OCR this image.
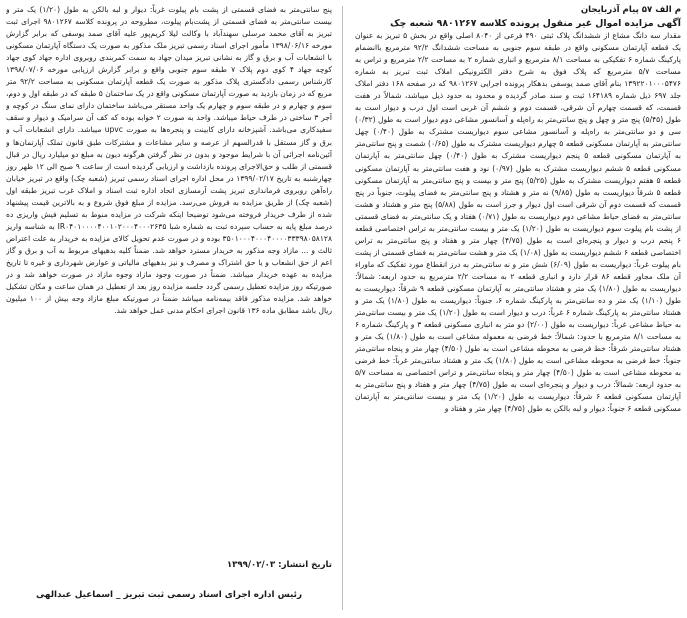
م الف ۵۷ پیام آذربایجان

آگهی مزایده اموال غیر منقول پرونده کلاسه ۹۸۰۱۲۶۷ شعبه چک

مقدار سه دانگ مشاع از ششدانگ پلاک ثبتی ۴۹۰ فرعی از ۸۰۴۰ اصلی واقع در بخش ۵ تبریز به عنوان یک قطعه آپارتمان مسکونی واقع در طبقه سوم جنوبی به مساحت ششدانگ ۹۲/۲ مترمربع باانضمام پارکینگ شماره ۶ تفکیکی به مساحت ۸/۱ مترمربع و انباری شماره ۲ به مساحت ۲/۲ مترمربع و تراس به مساحت ۵/۷ مترمربع که پلاک فوق به شرح دفتر الکترونیکی املاک ثبت تبریز به شماره ۱۳۹۲۲۰۱۰۰۰۵۴۷۶ بنام آقای صمد یوسفی بدهکار پرونده اجرایی ۹۸۰۱۲۶۷ که در صفحه ۱۶۸ دفتر املاک جلد ۶۹۷ ذیل شماره ۱۶۴۱۸۹ ثبت و سند صادر گردیده و محدود به حدود ذیل میباشد، شمالاً در هفت قسمت، که قسمت چهارم آن شرقی، قسمت دوم و ششم آن غربی است اول درب و دیوار است به طول (۵/۴۵) پنج متر و چهل و پنج سانتی‌متر به راه‌پله و آسانسور مشاعی دوم دیوار است به طول (۰/۳۲) سی و دو سانتی‌متر به راه‌پله و آسانسور مشاعی سوم دیواریست مشترک به طول (۰/۴۰) چهل سانتی‌متر به آپارتمان مسکونی قطعه ۵ چهارم دیواریست مشترک به طول (۰/۶۵) شصت و پنج سانتی‌متر به آپارتمان مسکونی قطعه ۵ پنجم دیواریست مشترک به طول (۰/۴۰) چهل سانتی‌متر به آپارتمان مسکونی قطعه ۵ ششم دیواریست مشترک به طول (۰/۹۷) نود و هفت سانتی‌متر به آپارتمان مسکونی قطعه ۵ هفتم دیواریست مشترک به طول (۵/۲۵) پنج متر و بیست و پنج سانتی‌متر به آپارتمان مسکونی قطعه ۵ شرقاً دیواریست به طول (۹/۸۵) نه متر و هشتاد و پنج سانتی‌متر به فضای پیلوت، جنوباً در پنج قسمت که قسمت دوم آن شرقی است اول دیوار و جرز است به طول (۵/۸۸) پنج متر و هشتاد و هشت سانتی‌متر به فضای حیاط مشاعی دوم دیواریست به طول (۰/۷۱) هفتاد و یک سانتی‌متر به فضای قسمتی از پشت بام پیلوت سوم دیواریست به طول (۱/۲۰) یک متر و بیست سانتی‌متر به تراس اختصاصی قطعه ۶ پنجم درب و دیوار و پنجره‌ای است به طول (۴/۷۵) چهار متر و هفتاد و پنج سانتی‌متر به تراس اختصاصی قطعه ۶ ششم دیواریست به طول (۱/۰۸) یک متر و هشت سانتی‌متر به فضای قسمتی از پشت بام پیلوت غرباً: دیواریست به طول (۶/۰۹) شش متر و نه سانتی‌متر به درز انقطاع مورد تفکیک که ماوراء آن ملک مجاور قطعه ۸۶ قرار دارد و انباری قطعه ۲ به مساحت ۲/۲ مترمربع به حدود اربعه: شمالاً: دیواریست به طول (۱/۸۰) یک متر و هشتاد سانتی‌متر به آپارتمان مسکونی قطعه ۹ شرقاً: دیواریست به طول (۱/۱۰) یک متر و ده سانتی‌متر به پارکینگ شماره ۶، جنوباً: دیواریست به طول (۱/۸۰) یک متر و هشتاد سانتی‌متر به پارکینگ شماره ۶ غرباً: درب و دیوار است به طول (۱/۲۰) یک متر و بیست سانتی‌متر به حیاط مشاعی غرباً: دیواریست به طول (۲/۰۰) دو متر به انباری مسکونی قطعه ۳ و پارکینگ شماره ۶ به مساحت ۸/۱ مترمربع با حدود: شمالاً: خط فرضی به معموله مشاعی است به طول (۱/۸۰) یک متر و هشتاد سانتی‌متر شرقاً: خط فرضی به محوطه مشاعی است به طول (۴/۵۰) چهار متر و پنجاه سانتی‌متر جنوباً: خط فرضی به محوطه مشاعی است به طول (۱/۸۰) یک متر و هشتاد سانتی‌متر غرباً: خط فرضی به محوطه مشاعی است به طول (۴/۵۰) چهار متر و پنجاه سانتی‌متر و تراس اختصاصی به مساحت ۵/۷ به حدود اربعه: شمالاً: درب و دیوار و پنجره‌ای است به طول (۴/۷۵) چهار متر و هفتاد و پنج سانتی‌متر به آپارتمان مسکونی قطعه ۶ شرقاً: دیواریست به طول (۱/۲۰) یک متر و بیست سانتی‌متر به آپارتمان مسکونی قطعه ۶ جنوباً: دیوار و لبه بالکن به طول (۴/۷۵) چهار متر و هفتاد و

پنج سانتی‌متر به فضای قسمتی از پشت بام پیلوت غرباً: دیوار و لبه بالکن به طول (۱/۲۰) یک متر و بیست سانتی‌متر به فضای قسمتی از پشت‌بام پیلوت، مطروحه در پرونده کلاسه ۹۸۰۱۲۶۷ اجرای ثبت تبریز به آقای محمد مرسلی سهندآباد با وکالت لیلا کریم‌پور علیه آقای صمد یوسفی که برابر گزارش مورخه ۱۳۹۸/۰۶/۱۶ مأمور اجرای اسناد رسمی تبریز ملک مذکور به صورت یک دستگاه آپارتمان مسکونی با انشعابات آب و برق و گاز به نشانی تبریز میدان جهاد به سمت کمربندی روبروی اداره جهاد کوی جهاد کوچه جهاد ۴ کوی دوم پلاک ۷ طبقه سوم جنوبی واقع و برابر گزارش ارزیابی مورخه ۱۳۹۸/۰۷/۰۶ کارشناس رسمی دادگستری پلاک مذکور به صورت یک قطعه آپارتمان مسکونی به مساحت ۹۲/۲ متر مربع که در زمان بازدید به صورت آپارتمان مسکونی واقع در یک ساختمان ۵ طبقه که در طبقه اول و دوم، سوم و چهارم و در طبقه سوم و چهارم یک واحد مستقر می‌باشد ساختمان دارای نمای سنگ در کوچه و آجر ۳ ساختی در طرف حیاط میباشد. واحد به صورت ۲ خوابه بوده که کف آن سرامیک و دیوار و سقف سفیدکاری می‌باشد. آشپزخانه دارای کابینت و پنجره‌ها به صورت upvc میباشد. دارای انشعابات آب و برق و گاز مستقل با قدرالسهم از عرصه و سایر مشاعات و مشترکات طبق قانون تملک آپارتمان‌ها و آئین‌نامه اجرائی آن با شرایط موجود و بدون در نظر گرفتن هرگونه دیون به مبلغ دو میلیارد ریال در قبال قسمتی از طلب و حق‌الاجرای پرونده بازداشت و ارزیابی گردیده است از ساعت ۹ صبح الی ۱۲ ظهر روز چهارشنبه به تاریخ ۱۳۹۹/۰۲/۱۷ در محل اداره اجرای اسناد رسمی تبریز (شعبه چک) واقع در تبریز خیابان راه‌آهن روبروی فرمانداری تبریز پشت آرمسازی اتحاد اداره ثبت اسناد و املاک غرب تبریز طبقه اول (شعبه چک) از طریق مزایده به فروش می‌رسد. مزایده از مبلغ فوق شروع و به بالاترین قیمت پیشنهاد شده از طرف خریدار فروخته می‌شود توضیحا اینکه شرکت در مزایده منوط به تسلیم فیش واریزی ده درصد مبلغ پایه به حساب سپرده ثبت به شماره شبا IR۰۴۰۱۰۰۰۰۴۰۰۱۰۲۰۰۰۴۰۰۰۲۶۳۵ به شناسه واریز ۳۵۰۱۰۰۰۴۰۰۰۴۰۰۰۰۳۳۳۹۸۰۵۸۱۲۸ بوده و در صورت عدم تحویل کالای مزایده به خریدار به علت اعتراض ثالث و ... مازاد وجه مذکور به خریدار مسترد خواهد شد. ضمناً کلیه بدهیهای مربوط به آب و برق و گاز اعم از حق انشعاب و یا حق اشتراک و مصرف و نیز بدهیهای مالیاتی و عوارض شهرداری و غیره تا تاریخ مزایده به عهده خریدار میباشد. ضمناً در صورت وجود مازاد وجوه مازاد در صورت خواهد شد و در صورتیکه روز مزایده تعطیل رسمی گردد جلسه مزایده روز بعد از تعطیل در همان ساعت و مکان تشکیل خواهد شد. مزایده مذکور فاقد بیمه‌نامه میباشد ضمناً در صورتیکه مبلغ مازاد وجه بیش از ۱۰۰ میلیون ریال باشد مطابق ماده ۱۳۶ قانون اجرای احکام مدنی عمل خواهد شد.

تاریخ انتشار: ۱۳۹۹/۰۲/۰۳
رئیس اداره اجرای اسناد رسمی ثبت تبریز _ اسماعیل عبدالهی
